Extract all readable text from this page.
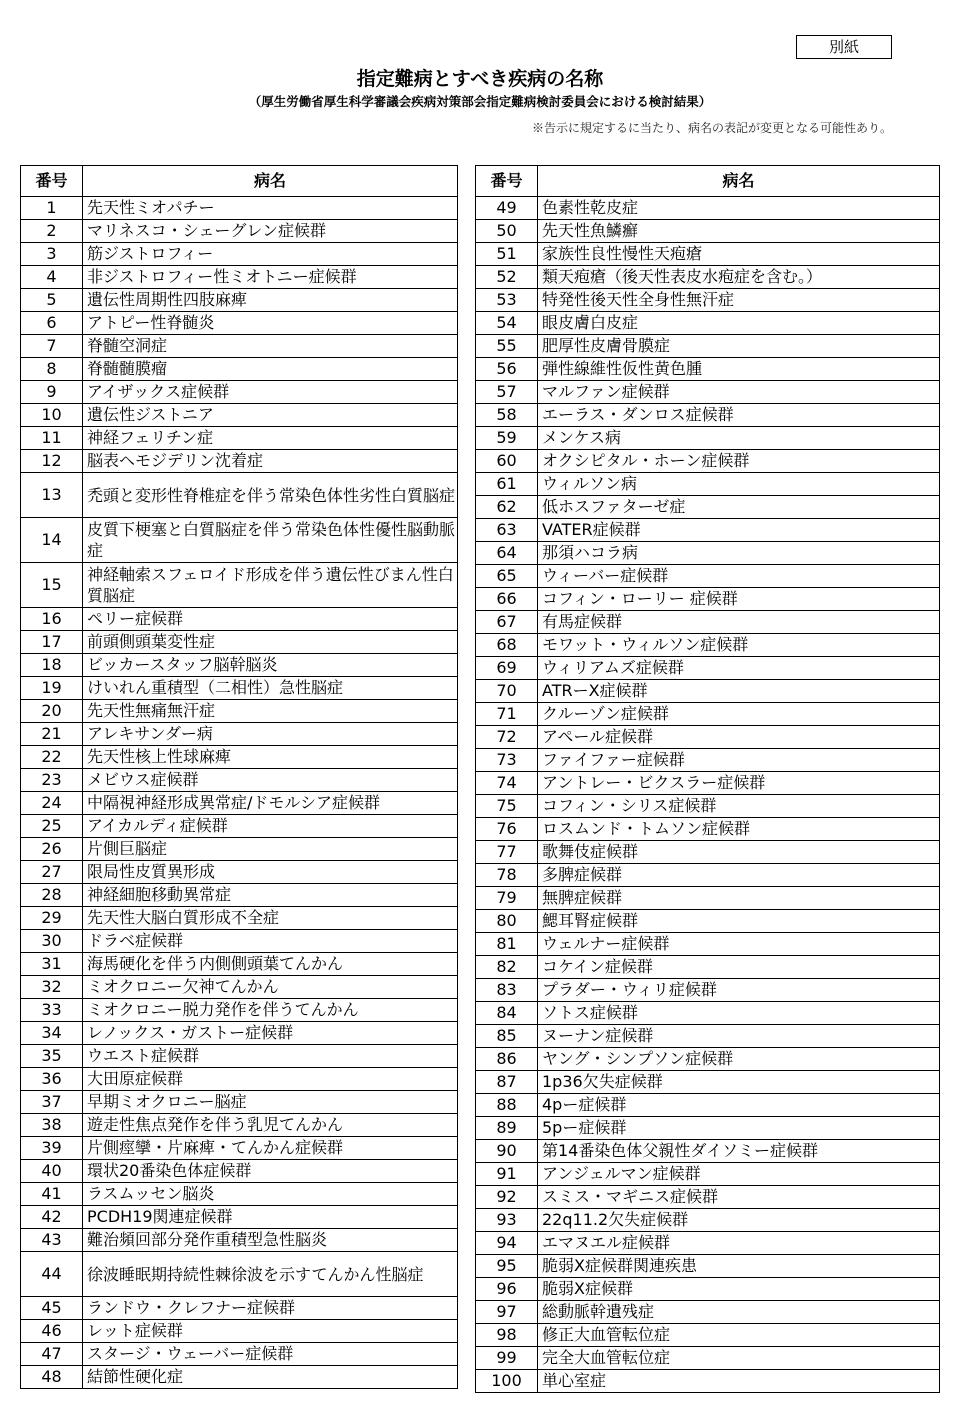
別紙
指定難病とすべき疾病の名称
（厚生労働省厚生科学審議会疾病対策部会指定難病検討委員会における検討結果）
※告示に規定するに当たり、病名の表記が変更となる可能性あり。
番号	病名
1	先天性ミオパチー
2	マリネスコ・シェーグレン症候群
3	筋ジストロフィー
4	非ジストロフィー性ミオトニー症候群
5	遺伝性周期性四肢麻痺
6	アトピー性脊髄炎
7	脊髄空洞症
8	脊髄髄膜瘤
9	アイザックス症候群
10	遺伝性ジストニア
11	神経フェリチン症
12	脳表ヘモジデリン沈着症
13	禿頭と変形性脊椎症を伴う常染色体性劣性白質脳症
14	皮質下梗塞と白質脳症を伴う常染色体性優性脳動脈症
15	神経軸索スフェロイド形成を伴う遺伝性びまん性白質脳症
16	ペリー症候群
17	前頭側頭葉変性症
18	ビッカースタッフ脳幹脳炎
19	けいれん重積型（二相性）急性脳症
20	先天性無痛無汗症
21	アレキサンダー病
22	先天性核上性球麻痺
23	メビウス症候群
24	中隔視神経形成異常症/ドモルシア症候群
25	アイカルディ症候群
26	片側巨脳症
27	限局性皮質異形成
28	神経細胞移動異常症
29	先天性大脳白質形成不全症
30	ドラベ症候群
31	海馬硬化を伴う内側側頭葉てんかん
32	ミオクロニー欠神てんかん
33	ミオクロニー脱力発作を伴うてんかん
34	レノックス・ガストー症候群
35	ウエスト症候群
36	大田原症候群
37	早期ミオクロニー脳症
38	遊走性焦点発作を伴う乳児てんかん
39	片側痙攣・片麻痺・てんかん症候群
40	環状20番染色体症候群
41	ラスムッセン脳炎
42	PCDH19関連症候群
43	難治頻回部分発作重積型急性脳炎
44	徐波睡眠期持続性棘徐波を示すてんかん性脳症
45	ランドウ・クレフナー症候群
46	レット症候群
47	スタージ・ウェーバー症候群
48	結節性硬化症
番号	病名
49	色素性乾皮症
50	先天性魚鱗癬
51	家族性良性慢性天疱瘡
52	類天疱瘡（後天性表皮水疱症を含む。）
53	特発性後天性全身性無汗症
54	眼皮膚白皮症
55	肥厚性皮膚骨膜症
56	弾性線維性仮性黄色腫
57	マルファン症候群
58	エーラス・ダンロス症候群
59	メンケス病
60	オクシピタル・ホーン症候群
61	ウィルソン病
62	低ホスファターゼ症
63	VATER症候群
64	那須ハコラ病
65	ウィーバー症候群
66	コフィン・ローリー 症候群
67	有馬症候群
68	モワット・ウィルソン症候群
69	ウィリアムズ症候群
70	ATRーX症候群
71	クルーゾン症候群
72	アペール症候群
73	ファイファー症候群
74	アントレー・ビクスラー症候群
75	コフィン・シリス症候群
76	ロスムンド・トムソン症候群
77	歌舞伎症候群
78	多脾症候群
79	無脾症候群
80	鰓耳腎症候群
81	ウェルナー症候群
82	コケイン症候群
83	プラダー・ウィリ症候群
84	ソトス症候群
85	ヌーナン症候群
86	ヤング・シンプソン症候群
87	1p36欠失症候群
88	4pー症候群
89	5pー症候群
90	第14番染色体父親性ダイソミー症候群
91	アンジェルマン症候群
92	スミス・マギニス症候群
93	22q11.2欠失症候群
94	エマヌエル症候群
95	脆弱X症候群関連疾患
96	脆弱X症候群
97	総動脈幹遺残症
98	修正大血管転位症
99	完全大血管転位症
100	単心室症
